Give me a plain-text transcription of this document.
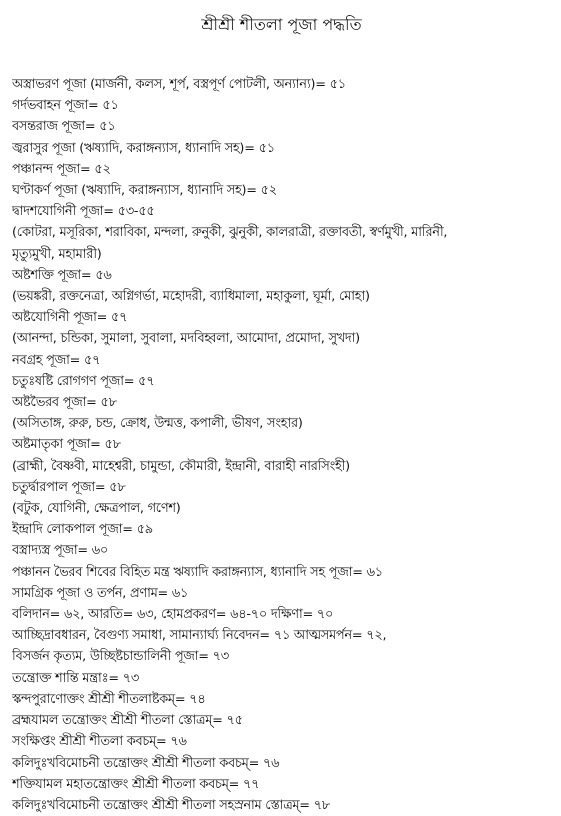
শ্রীশ্রী শীতলা পূজা পদ্ধতি
অস্ত্রাভরণ পূজা (মার্জনী, কলস, শূর্প, বস্ত্রপূর্ণ পোটলী, অন্যান্য)= ৫১
গর্দভবাহন পূজা= ৫১
বসন্তরাজ পূজা= ৫১
জ্বরাসুর পূজা (ঋষ্যাদি, করাঙ্গন্যাস, ধ্যানাদি সহ)= ৫১
পঞ্চানন্দ পূজা= ৫২
ঘণ্টাকর্ণ পূজা (ঋষ্যাদি, করাঙ্গন্যাস, ধ্যানাদি সহ)= ৫২
দ্বাদশযোগিনী পূজা= ৫৩-৫৫
(কোটরা, মসূরিকা, শরাবিকা, মন্দলা, রুনুকী, ঝুনুকী, কালরাত্রী, রক্তাবতী, স্বর্ণমুখী, মারিনী,
মৃত্যুমুখী, মহামারী)
অষ্টশক্তি পূজা= ৫৬
(ভয়ঙ্করী, রক্তনেত্রা, অগ্নিগর্ভা, মহোদরী, ব্যাধিমালা, মহাকুলা, ঘূর্মা, মোহা)
অষ্টযোগিনী পূজা= ৫৭
(আনন্দা, চন্ডিকা, সুমালা, সুবালা, মদবিহ্বলা, আমোদা, প্রমোদা, সুখদা)
নবগ্রহ পূজা= ৫৭
চতুঃষষ্টি রোগগণ পূজা= ৫৭
অষ্টভৈরব পূজা= ৫৮
(অসিতাঙ্গ, রুরু, চন্ড, ক্রোধ, উন্মত্ত, কপালী, ভীষণ, সংহার)
অষ্টমাতৃকা পূজা= ৫৮
(ব্রাহ্মী, বৈষ্ণবী, মাহেশ্বরী, চামুন্ডা, কৌমারী, ইন্দ্রানী, বারাহী নারসিংহী)
চতুর্দ্বারপাল পূজা= ৫৮
(বটুক, যোগিনী, ক্ষেত্রপাল, গণেশ)
ইন্দ্রাদি লোকপাল পূজা= ৫৯
বস্ত্রাদ্যস্ত্র পূজা= ৬০
পঞ্চানন ভৈরব শিবের বিহিত মন্ত্র ঋষ্যাদি করাঙ্গন্যাস, ধ্যানাদি সহ পূজা= ৬১
সামগ্রিক পূজা ও তর্পন, প্রণাম= ৬১
বলিদান= ৬২, আরতি= ৬৩, হোমপ্রকরণ= ৬৪-৭০ দক্ষিণা= ৭০
আচ্ছিদ্রাবধারন, বৈগুণ্য সমাধা, সামান্যার্ঘ্য নিবেদন= ৭১ আত্মসমর্পন= ৭২,
বিসর্জন কৃত্যম, উচ্ছিষ্টচান্ডালিনী পূজা= ৭৩
তন্ত্রোক্ত শান্তি মন্ত্রাঃ= ৭৩
স্কন্দপুরাণোক্তং শ্রীশ্রী শীতলাষ্টকম্= ৭৪
ব্রহ্মযামল তন্ত্রোক্তং শ্রীশ্রী শীতলা স্তোত্রম্= ৭৫
সংক্ষিপ্তং শ্রীশ্রী শীতলা কবচম্= ৭৬
কলিদুঃখবিমোচনী তন্ত্রোক্তং শ্রীশ্রী শীতলা কবচম্= ৭৬
শক্তিযামল মহাতন্ত্রোক্তং শ্রীশ্রী শীতলা কবচম্= ৭৭
কলিদুঃখবিমোচনী তন্ত্রোক্তং শ্রীশ্রী শীতলা সহস্রনাম স্তোত্রম্= ৭৮
